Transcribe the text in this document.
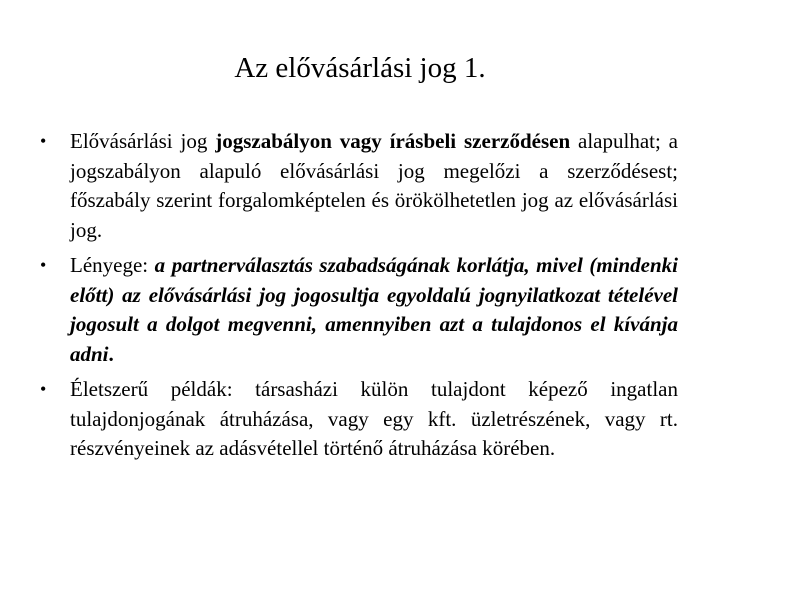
Az elővásárlási jog 1.
• Elővásárlási jog jogszabályon vagy írásbeli szerződésen alapulhat; a jogszabályon alapuló elővásárlási jog megelőzi a szerződésest; főszabály szerint forgalomképtelen és örökölhetetlen jog az elővásárlási jog.
• Lényege: a partnerválasztás szabadságának korlátja, mivel (mindenki előtt) az elővásárlási jog jogosultja egyoldalú jognyilatkozat tételével jogosult a dolgot megvenni, amennyiben azt a tulajdonos el kívánja adni.
• Életszerű példák: társasházi külön tulajdont képező ingatlan tulajdonjogának átruházása, vagy egy kft. üzletrészének, vagy rt. részvényeinek az adásvétellel történő átruházása körében.
